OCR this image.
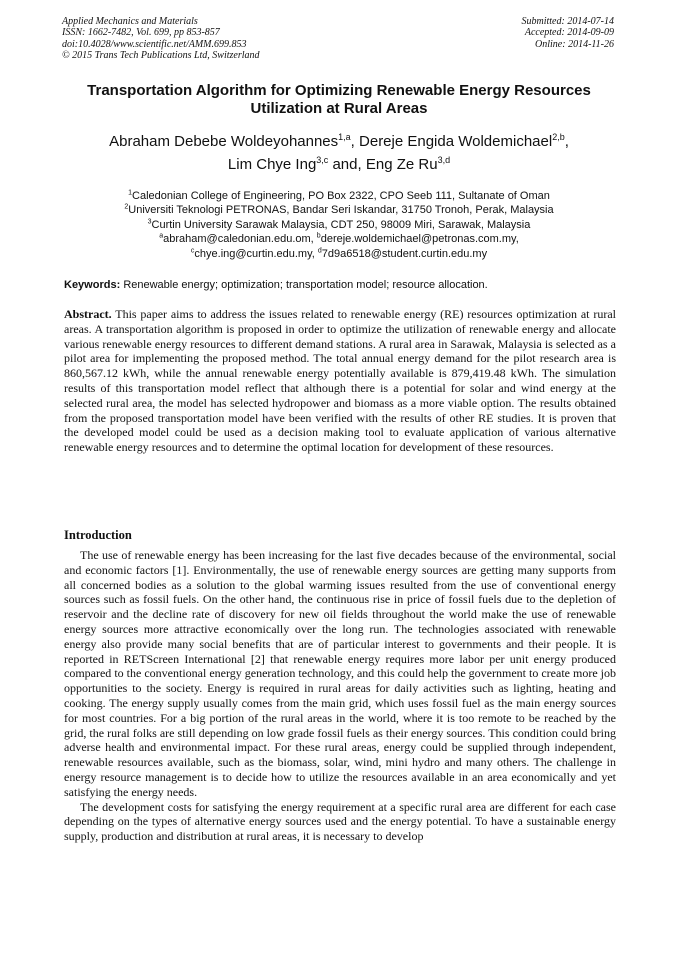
Applied Mechanics and Materials
ISSN: 1662-7482, Vol. 699, pp 853-857
doi:10.4028/www.scientific.net/AMM.699.853
© 2015 Trans Tech Publications Ltd, Switzerland
Submitted: 2014-07-14
Accepted: 2014-09-09
Online: 2014-11-26
Transportation Algorithm for Optimizing Renewable Energy Resources
Utilization at Rural Areas
Abraham Debebe Woldeyohannes$^{1,a}$, Dereje Engida Woldemichael$^{2,b}$,
Lim Chye Ing$^{3,c}$ and, Eng Ze Ru$^{3,d}$
$^1$Caledonian College of Engineering, PO Box 2322, CPO Seeb 111, Sultanate of Oman
$^2$Universiti Teknologi PETRONAS, Bandar Seri Iskandar, 31750 Tronoh, Perak, Malaysia
$^3$Curtin University Sarawak Malaysia, CDT 250, 98009 Miri, Sarawak, Malaysia
$^a$abraham@caledonian.edu.om, $^b$dereje.woldemichael@petronas.com.my,
$^c$chye.ing@curtin.edu.my, $^d$7d9a6518@student.curtin.edu.my
Keywords: Renewable energy; optimization; transportation model; resource allocation.
Abstract. This paper aims to address the issues related to renewable energy (RE) resources optimization at rural areas. A transportation algorithm is proposed in order to optimize the utilization of renewable energy and allocate various renewable energy resources to different demand stations. A rural area in Sarawak, Malaysia is selected as a pilot area for implementing the proposed method. The total annual energy demand for the pilot research area is 860,567.12 kWh, while the annual renewable energy potentially available is 879,419.48 kWh. The simulation results of this transportation model reflect that although there is a potential for solar and wind energy at the selected rural area, the model has selected hydropower and biomass as a more viable option. The results obtained from the proposed transportation model have been verified with the results of other RE studies. It is proven that the developed model could be used as a decision making tool to evaluate application of various alternative renewable energy resources and to determine the optimal location for development of these resources.
Introduction

The use of renewable energy has been increasing for the last five decades because of the environmental, social and economic factors [1]. Environmentally, the use of renewable energy sources are getting many supports from all concerned bodies as a solution to the global warming issues resulted from the use of conventional energy sources such as fossil fuels. On the other hand, the continuous rise in price of fossil fuels due to the depletion of reservoir and the decline rate of discovery for new oil fields throughout the world make the use of renewable energy sources more attractive economically over the long run. The technologies associated with renewable energy also provide many social benefits that are of particular interest to governments and their people. It is reported in RETScreen International [2] that renewable energy requires more labor per unit energy produced compared to the conventional energy generation technology, and this could help the government to create more job opportunities to the society. Energy is required in rural areas for daily activities such as lighting, heating and cooking. The energy supply usually comes from the main grid, which uses fossil fuel as the main energy sources for most countries. For a big portion of the rural areas in the world, where it is too remote to be reached by the grid, the rural folks are still depending on low grade fossil fuels as their energy sources. This condition could bring adverse health and environmental impact. For these rural areas, energy could be supplied through independent, renewable resources available, such as the biomass, solar, wind, mini hydro and many others. The challenge in energy resource management is to decide how to utilize the resources available in an area economically and yet satisfying the energy needs.

The development costs for satisfying the energy requirement at a specific rural area are different for each case depending on the types of alternative energy sources used and the energy potential. To have a sustainable energy supply, production and distribution at rural areas, it is necessary to develop
